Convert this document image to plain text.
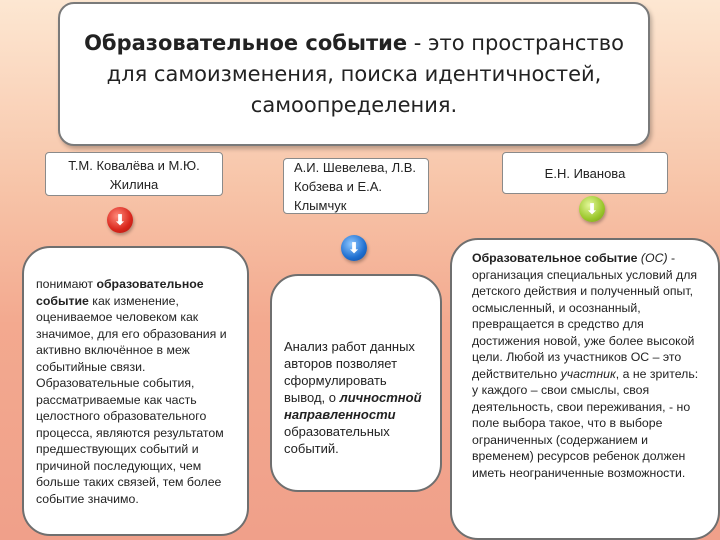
Образовательное событие - это пространство для самоизменения, поиска идентичностей, самоопределения.
Т.М. Ковалёва и М.Ю. Жилина
А.И. Шевелева, Л.В. Кобзева и Е.А. Клымчук
Е.Н. Иванова
⬇
⬇
⬇
понимают образовательное событие как изменение, оцениваемое человеком как значимое, для его образования и активно включённое в меж событийные связи. Образовательные события, рассматриваемые как часть целостного образовательного процесса, являются результатом предшествующих событий и причиной последующих, чем больше таких связей, тем более событие значимо.
Анализ работ данных авторов позволяет сформулировать вывод, о личностной направленности образовательных событий.
Образовательное событие (ОС) - организация специальных условий для детского действия и полученный опыт, осмысленный, и осознанный, превращается в средство для достижения новой, уже более высокой цели. Любой из участников ОС – это действительно участник, а не зритель: у каждого – свои смыслы, своя деятельность, свои переживания, - но поле выбора такое, что в выборе ограниченных (содержанием и временем) ресурсов ребенок должен иметь неограниченные возможности.
